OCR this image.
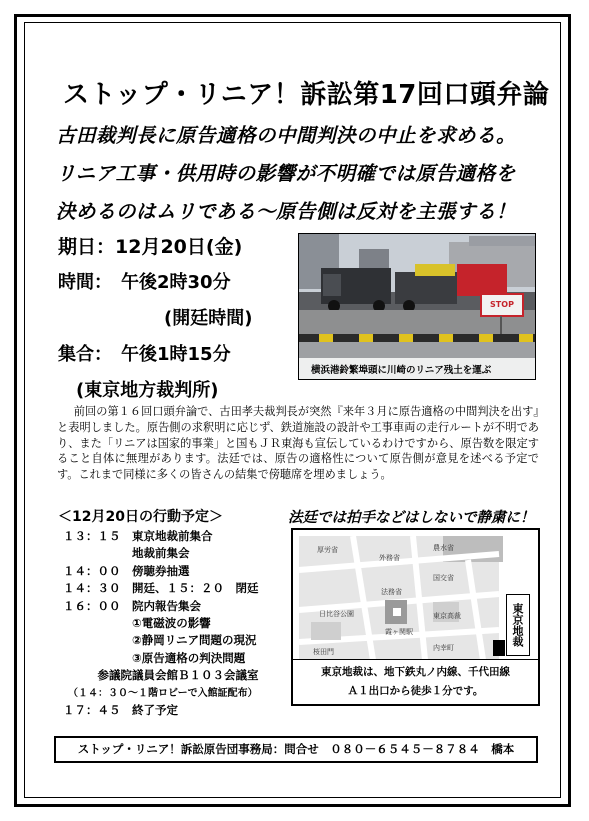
ストップ・リニア！訴訟第17回口頭弁論
古田裁判長に原告適格の中間判決の中止を求める。
リニア工事・供用時の影響が不明確では原告適格を
決めるのはムリである～原告側は反対を主張する！
期日：12月20日(金)
時間：　午後2時30分
(開廷時間)
集合：　午後1時15分
(東京地方裁判所)
STOP
横浜港鈴繁埠頭に川崎のリニア残土を運ぶ
前回の第１６回口頭弁論で、古田孝夫裁判長が突然『来年３月に原告適格の中間判決を出す』と表明しました。原告側の求釈明に応じず、鉄道施設の設計や工事車両の走行ルートが不明であり、また「リニアは国家的事業」と国もＪＲ東海も宣伝しているわけですから、原告数を限定すること自体に無理があります。法廷では、原告の適格性について原告側が意見を述べる予定です。これまで同様に多くの皆さんの結集で傍聴席を埋めましょう。
＜12月20日の行動予定＞	法廷では拍手などはしないで静粛に！
１３：１５　東京地裁前集合
　　　　　　地裁前集会
１４：００　傍聴券抽選
１４：３０　開廷、１５：２０　閉廷
１６：００　院内報告集会
　　　　　　①電磁波の影響
　　　　　　②静岡リニア問題の現況
　　　　　　③原告適格の判決問題
　　　参議院議員会館Ｂ１０３会議室
　（１４：３０～１階ロビーで入館証配布）
１７：４５　終了予定
日比谷公園
法務省
国交省
外務省
農水省
厚労省
霞ヶ関駅
内幸町
桜田門
東京高裁	東京地裁
東京地裁は、地下鉄丸ノ内線、千代田線
Ａ１出口から徒歩１分です。
ストップ・リニア！訴訟原告団事務局：問合せ　０８０－６５４５－８７８４　橋本
